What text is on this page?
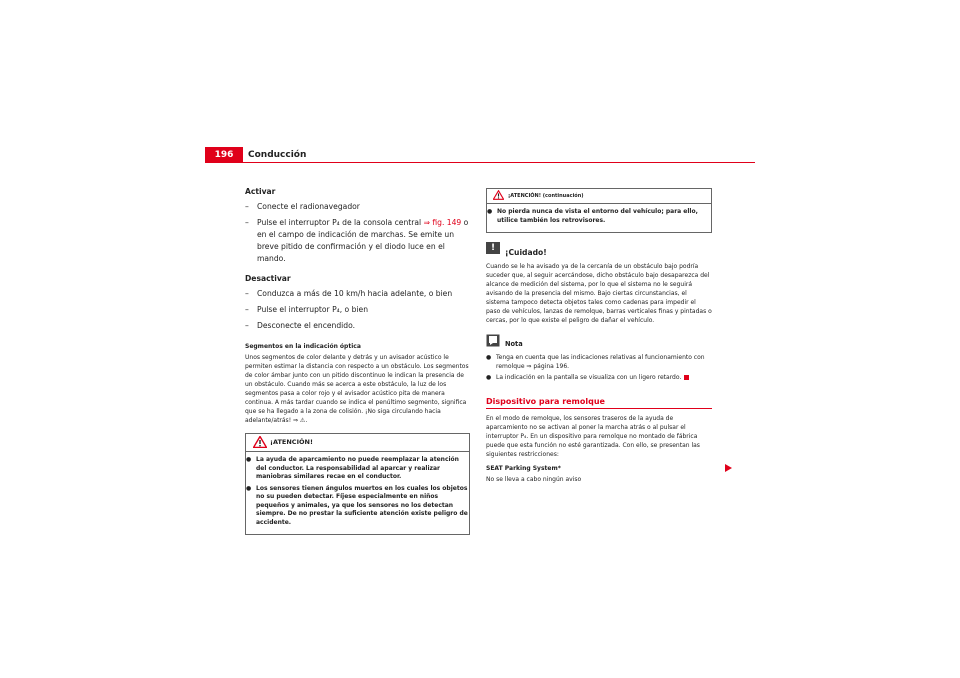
196	Conducción
Activar
– Conecte el radionavegador
– Pulse el interruptor P₄ de la consola central ⇒ fig. 149 o en el campo de indicación de marchas. Se emite un breve pitido de confirmación y el diodo luce en el mando.
Desactivar
– Conduzca a más de 10 km/h hacia adelante, o bien
– Pulse el interruptor P₄, o bien
– Desconecte el encendido.
Segmentos en la indicación óptica

Unos segmentos de color delante y detrás y un avisador acústico le permiten estimar la distancia con respecto a un obstáculo. Los segmentos de color ámbar junto con un pitido discontinuo le indican la presencia de un obstáculo. Cuando más se acerca a este obstáculo, la luz de los segmentos pasa a color rojo y el avisador acústico pita de manera continua. A más tardar cuando se indica el penúltimo segmento, significa que se ha llegado a la zona de colisión. ¡No siga circulando hacia adelante/atrás! ⇒ ⚠.

¡ATENCIÓN!
● La ayuda de aparcamiento no puede reemplazar la atención del conductor. La responsabilidad al aparcar y realizar maniobras similares recae en el conductor.
● Los sensores tienen ángulos muertos en los cuales los objetos no su pueden detectar. Fíjese especialmente en niños pequeños y animales, ya que los sensores no los detectan siempre. De no prestar la suficiente atención existe peligro de accidente.
¡ATENCIÓN! (continuación)
● No pierda nunca de vista el entorno del vehículo; para ello, utilice también los retrovisores.
!	¡Cuidado!

Cuando se le ha avisado ya de la cercanía de un obstáculo bajo podría suceder que, al seguir acercándose, dicho obstáculo bajo desaparezca del alcance de medición del sistema, por lo que el sistema no le seguirá avisando de la presencia del mismo. Bajo ciertas circunstancias, el sistema tampoco detecta objetos tales como cadenas para impedir el paso de vehículos, lanzas de remolque, barras verticales finas y pintadas o cercas, por lo que existe el peligro de dañar el vehículo.

Nota
● Tenga en cuenta que las indicaciones relativas al funcionamiento con remolque ⇒ página 196.
● La indicación en la pantalla se visualiza con un ligero retardo.
Dispositivo para remolque

En el modo de remolque, los sensores traseros de la ayuda de aparcamiento no se activan al poner la marcha atrás o al pulsar el interruptor P₄. En un dispositivo para remolque no montado de fábrica puede que esta función no esté garantizada. Con ello, se presentan las siguientes restricciones:

SEAT Parking System*

No se lleva a cabo ningún aviso
